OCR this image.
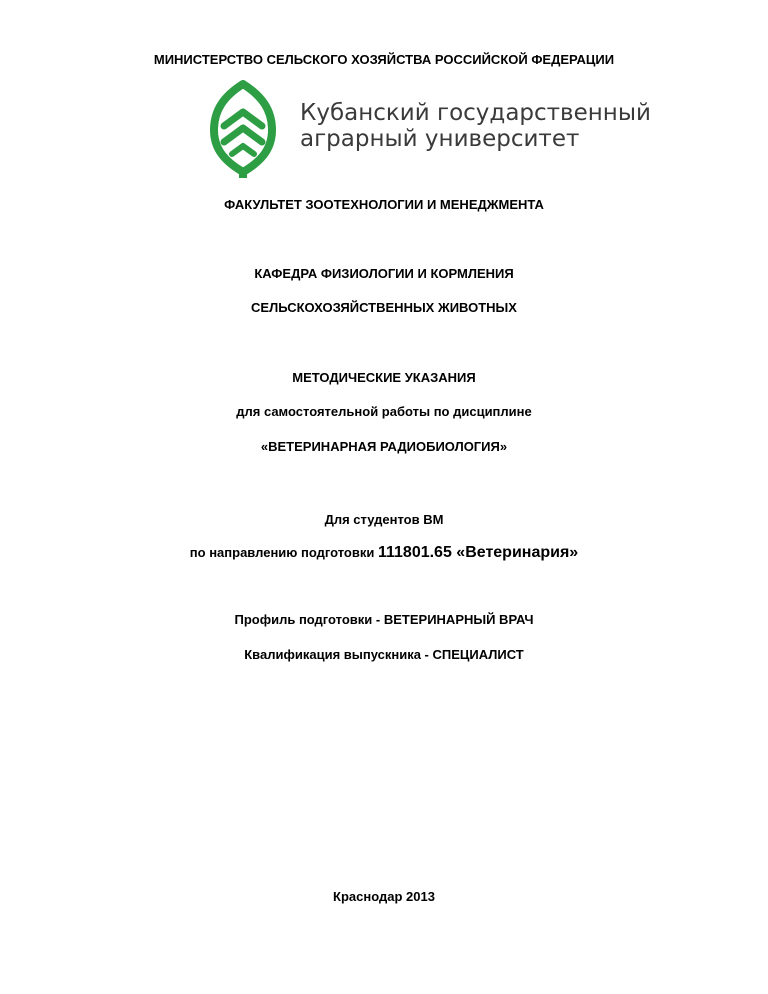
МИНИСТЕРСТВО СЕЛЬСКОГО ХОЗЯЙСТВА РОССИЙСКОЙ ФЕДЕРАЦИИ
Кубанский государственный
аграрный университет
ФАКУЛЬТЕТ ЗООТЕХНОЛОГИИ И МЕНЕДЖМЕНТА
КАФЕДРА ФИЗИОЛОГИИ И КОРМЛЕНИЯ
СЕЛЬСКОХОЗЯЙСТВЕННЫХ ЖИВОТНЫХ
МЕТОДИЧЕСКИЕ УКАЗАНИЯ
для самостоятельной работы по дисциплине
«ВЕТЕРИНАРНАЯ РАДИОБИОЛОГИЯ»
Для студентов ВМ
по направлению подготовки 111801.65 «Ветеринария»
Профиль подготовки - ВЕТЕРИНАРНЫЙ ВРАЧ
Квалификация выпускника - СПЕЦИАЛИСТ
Краснодар 2013
